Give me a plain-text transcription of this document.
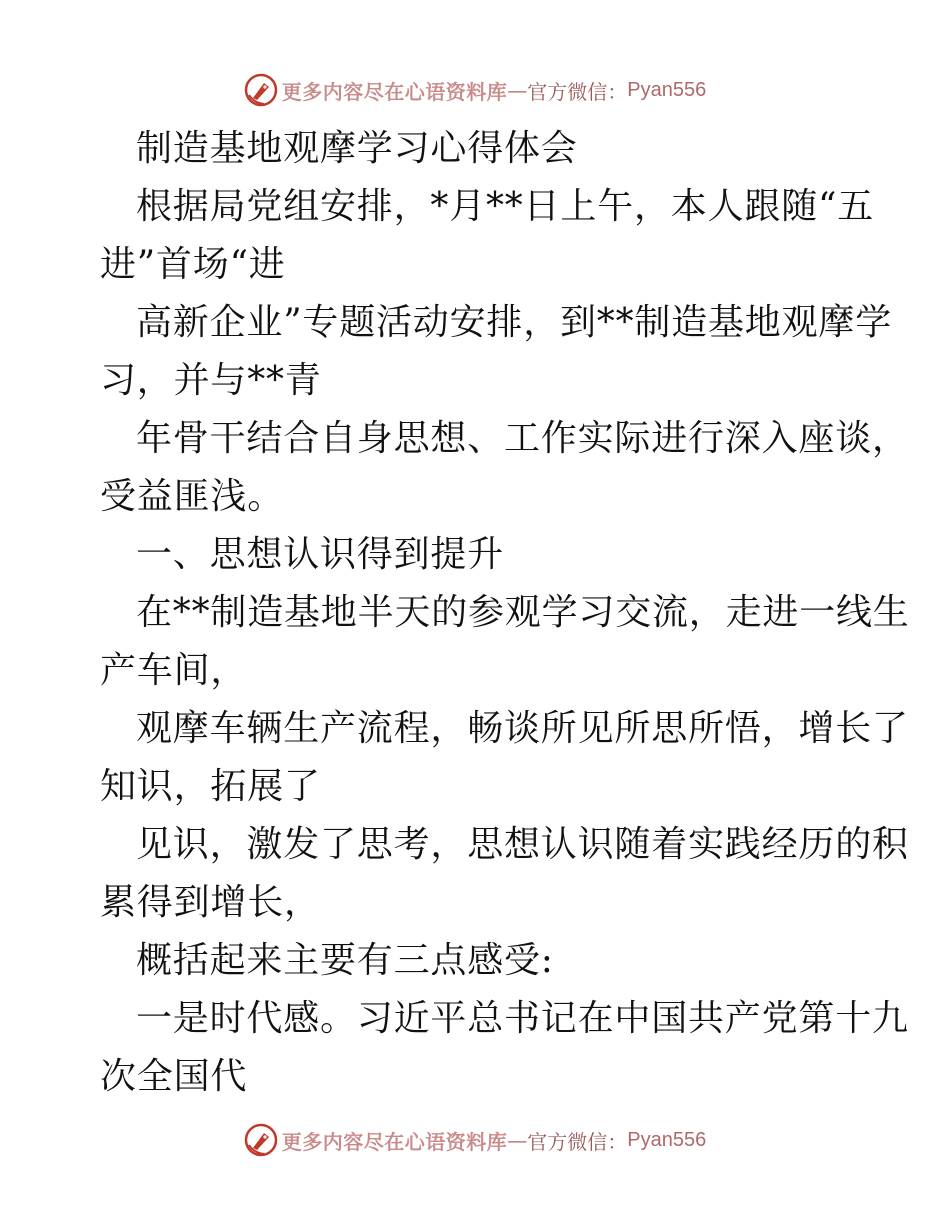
更多内容尽在心语资料库 — 官方微信： Pyan556
制造基地观摩学习心得体会
根据局党组安排，*月**日上午，本人跟随“五
进”首场“进
高新企业”专题活动安排，到**制造基地观摩学
习，并与**青
年骨干结合自身思想、工作实际进行深入座谈，
受益匪浅。
一、思想认识得到提升
在**制造基地半天的参观学习交流，走进一线生
产车间，
观摩车辆生产流程，畅谈所见所思所悟，增长了
知识，拓展了
见识，激发了思考，思想认识随着实践经历的积
累得到增长，
概括起来主要有三点感受:
一是时代感。习近平总书记在中国共产党第十九
次全国代
更多内容尽在心语资料库 — 官方微信： Pyan556
